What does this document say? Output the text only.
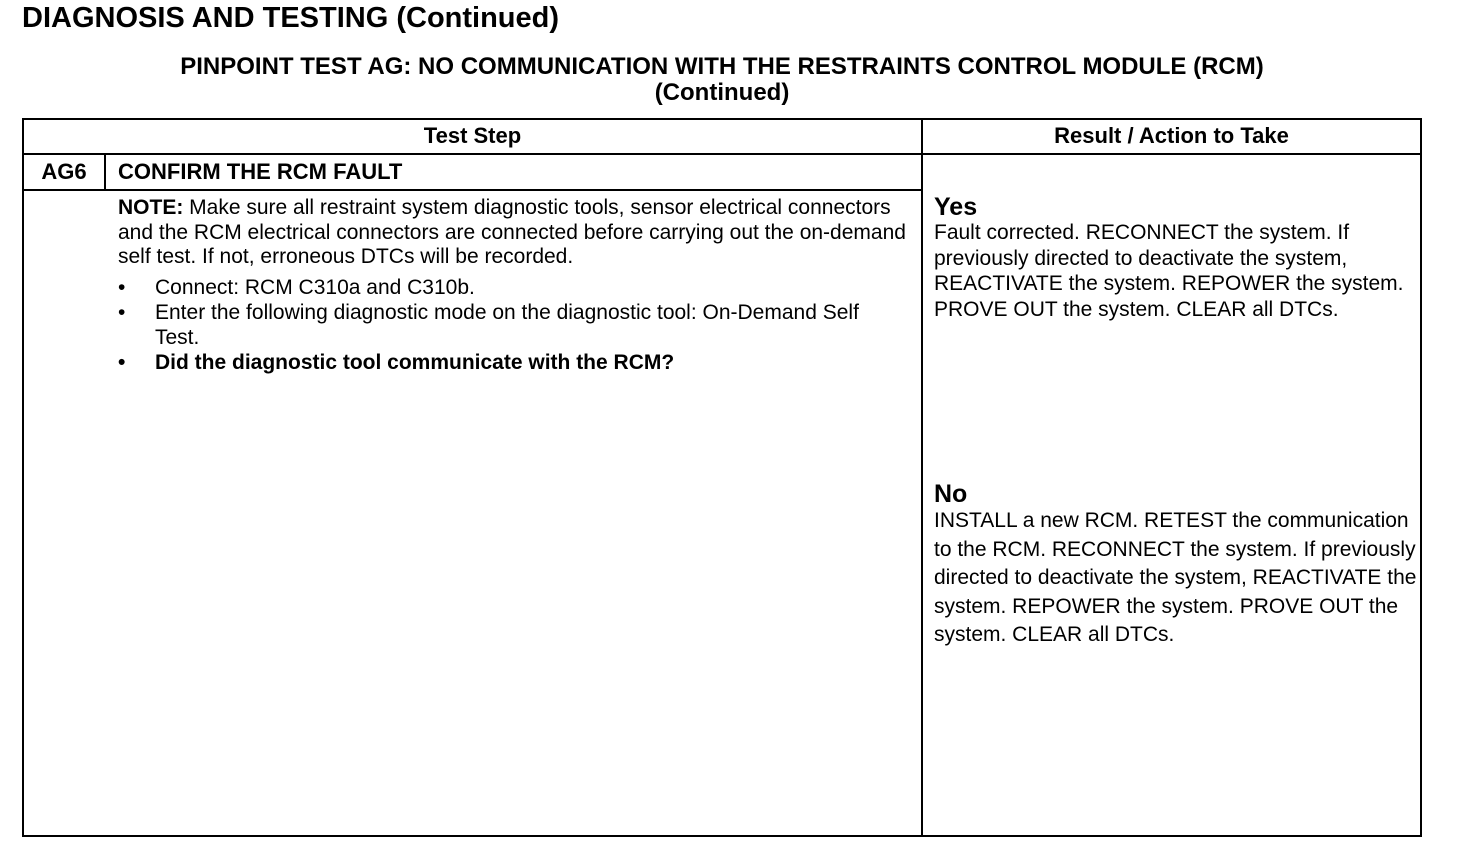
DIAGNOSIS AND TESTING (Continued)
PINPOINT TEST AG: NO COMMUNICATION WITH THE RESTRAINTS CONTROL MODULE (RCM)
(Continued)
Test Step	Result / Action to Take
AG6	CONFIRM THE RCM FAULT

NOTE: Make sure all restraint system diagnostic tools, sensor electrical connectors and the RCM electrical connectors are connected before carrying out the on-demand self test. If not, erroneous DTCs will be recorded.

• Connect: RCM C310a and C310b.
• Enter the following diagnostic mode on the diagnostic tool: On-Demand Self Test.
• Did the diagnostic tool communicate with the RCM?
Yes
Fault corrected. RECONNECT the system. If previously directed to deactivate the system, REACTIVATE the system. REPOWER the system. PROVE OUT the system. CLEAR all DTCs.
No
INSTALL a new RCM. RETEST the communication to the RCM. RECONNECT the system. If previously directed to deactivate the system, REACTIVATE the system. REPOWER the system. PROVE OUT the system. CLEAR all DTCs.
